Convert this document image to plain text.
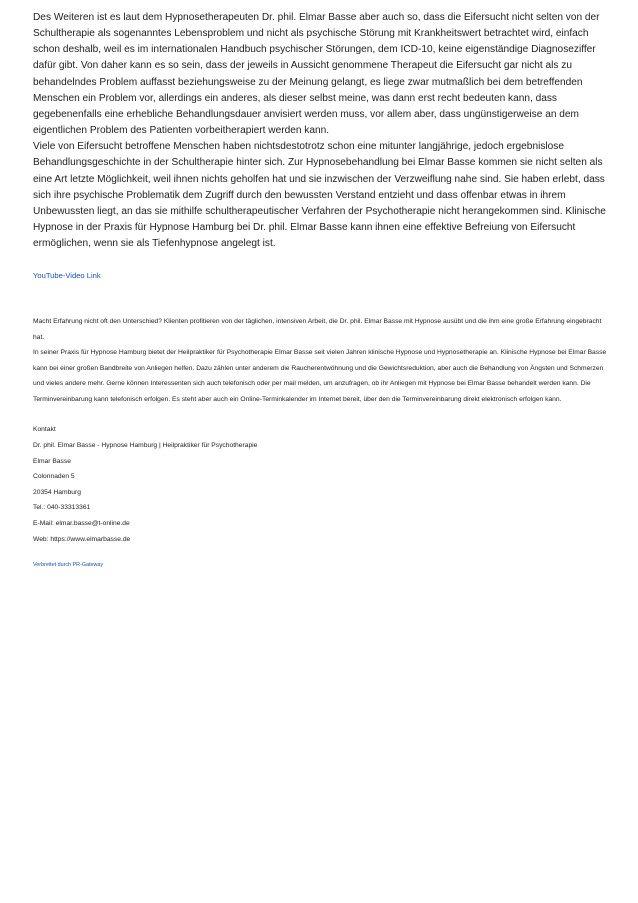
Des Weiteren ist es laut dem Hypnosetherapeuten Dr. phil. Elmar Basse aber auch so, dass die Eifersucht nicht selten von der Schultherapie als sogenanntes Lebensproblem und nicht als psychische Störung mit Krankheitswert betrachtet wird, einfach schon deshalb, weil es im internationalen Handbuch psychischer Störungen, dem ICD-10, keine eigenständige Diagnoseziffer dafür gibt. Von daher kann es so sein, dass der jeweils in Aussicht genommene Therapeut die Eifersucht gar nicht als zu behandelndes Problem auffasst beziehungsweise zu der Meinung gelangt, es liege zwar mutmaßlich bei dem betreffenden Menschen ein Problem vor, allerdings ein anderes, als dieser selbst meine, was dann erst recht bedeuten kann, dass gegebenenfalls eine erhebliche Behandlungsdauer anvisiert werden muss, vor allem aber, dass ungünstigerweise an dem eigentlichen Problem des Patienten vorbeitherapiert werden kann.

Viele von Eifersucht betroffene Menschen haben nichtsdestotrotz schon eine mitunter langjährige, jedoch ergebnislose Behandlungsgeschichte in der Schultherapie hinter sich. Zur Hypnosebehandlung bei Elmar Basse kommen sie nicht selten als eine Art letzte Möglichkeit, weil ihnen nichts geholfen hat und sie inzwischen der Verzweiflung nahe sind. Sie haben erlebt, dass sich ihre psychische Problematik dem Zugriff durch den bewussten Verstand entzieht und dass offenbar etwas in ihrem Unbewussten liegt, an das sie mithilfe schultherapeutischer Verfahren der Psychotherapie nicht herangekommen sind. Klinische Hypnose in der Praxis für Hypnose Hamburg bei Dr. phil. Elmar Basse kann ihnen eine effektive Befreiung von Eifersucht ermöglichen, wenn sie als Tiefenhypnose angelegt ist.

YouTube-Video Link

Macht Erfahrung nicht oft den Unterschied? Klienten profitieren von der täglichen, intensiven Arbeit, die Dr. phil. Elmar Basse mit Hypnose ausübt und die ihm eine große Erfahrung eingebracht hat.

In seiner Praxis für Hypnose Hamburg bietet der Heilpraktiker für Psychotherapie Elmar Basse seit vielen Jahren klinische Hypnose und Hypnosetherapie an. Klinische Hypnose bei Elmar Basse kann bei einer großen Bandbreite von Anliegen helfen. Dazu zählen unter anderem die Raucherentwöhnung und die Gewichtsreduktion, aber auch die Behandlung von Ängsten und Schmerzen und vieles andere mehr. Gerne können Interessenten sich auch telefonisch oder per mail melden, um anzufragen, ob ihr Anliegen mit Hypnose bei Elmar Basse behandelt werden kann. Die Terminvereinbarung kann telefonisch erfolgen. Es steht aber auch ein Online-Terminkalender im Internet bereit, über den die Terminvereinbarung direkt elektronisch erfolgen kann.

Kontakt
Dr. phil. Elmar Basse - Hypnose Hamburg | Heilpraktiker für Psychotherapie
Elmar Basse
Colonnaden 5
20354 Hamburg
Tel.: 040-33313361
E-Mail: elmar.basse@t-online.de
Web: https://www.elmarbasse.de
Verbreitet durch PR-Gateway
